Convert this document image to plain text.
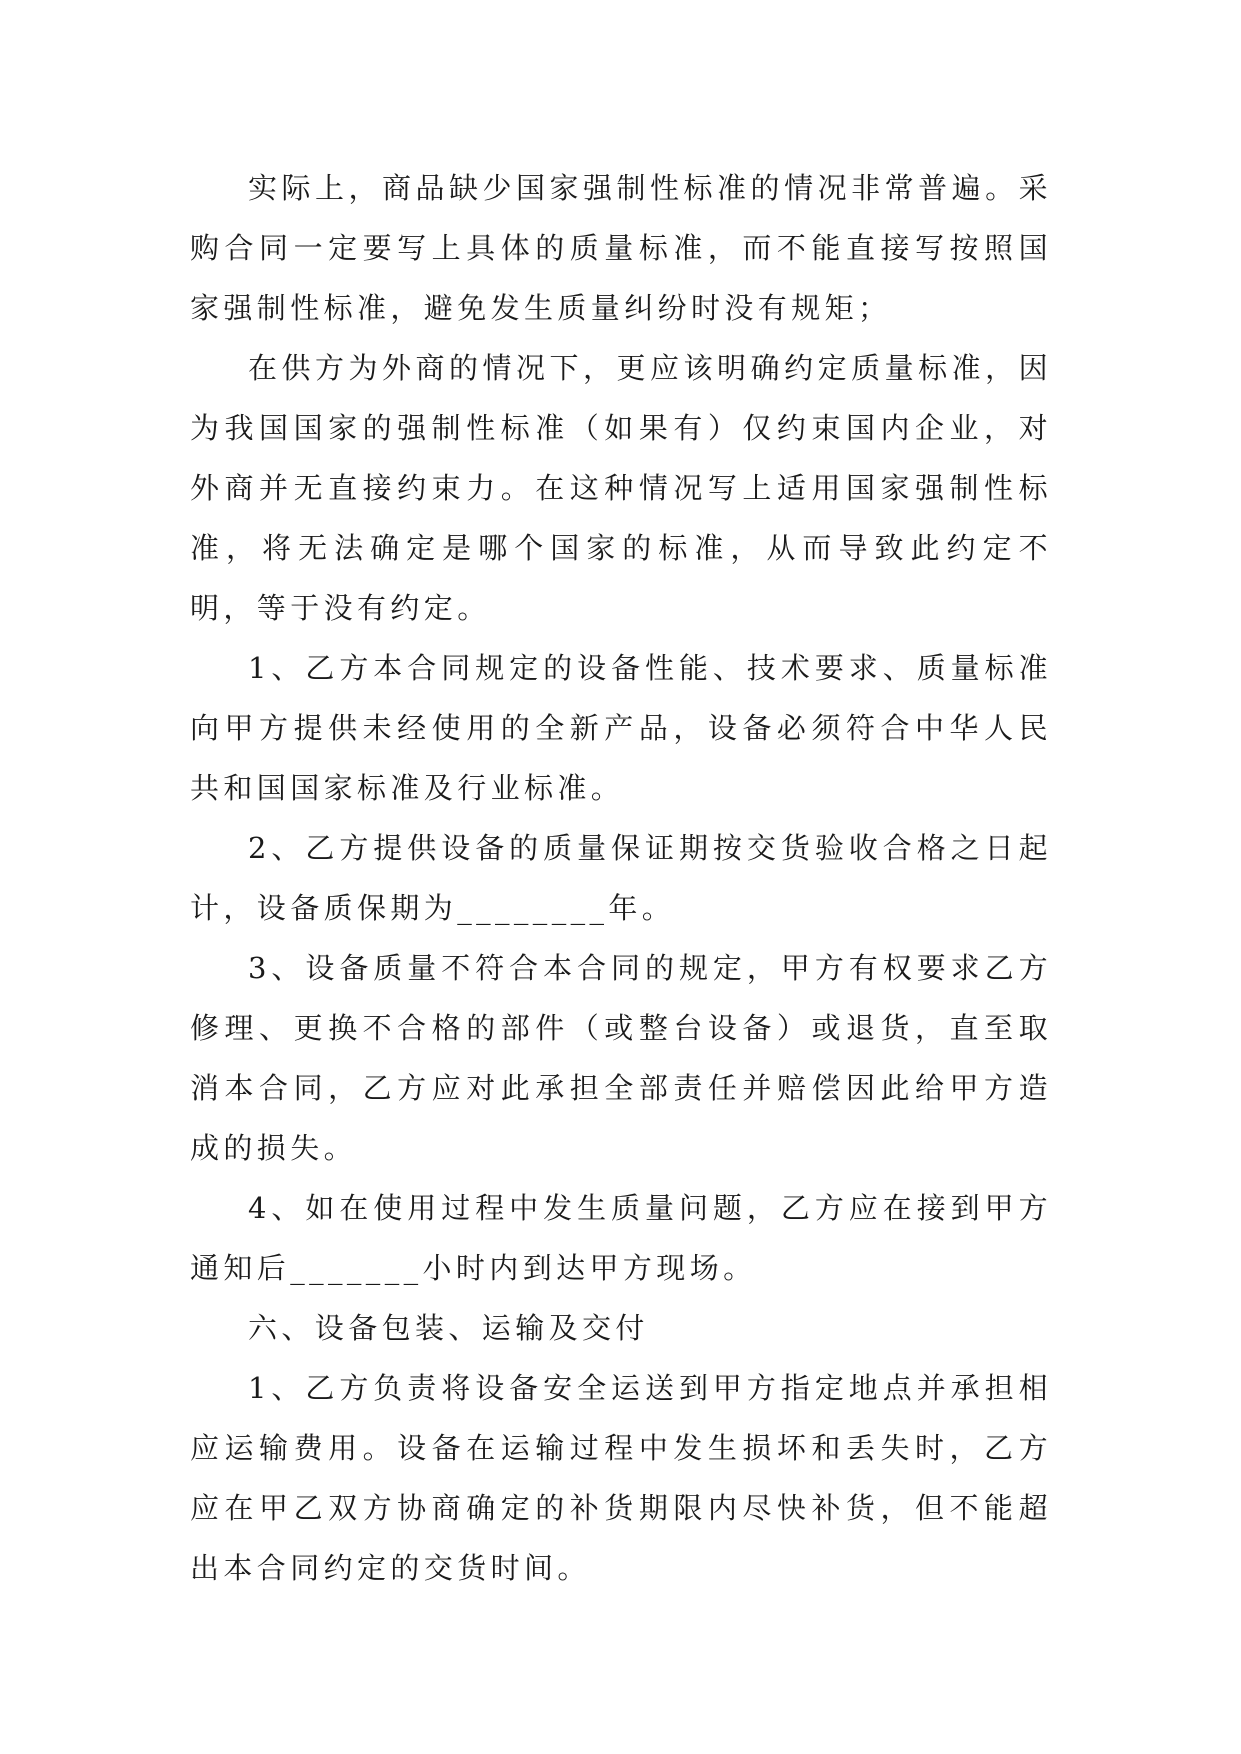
实际上，商品缺少国家强制性标准的情况非常普遍。采购合同一定要写上具体的质量标准，而不能直接写按照国家强制性标准，避免发生质量纠纷时没有规矩；

在供方为外商的情况下，更应该明确约定质量标准，因为我国国家的强制性标准（如果有）仅约束国内企业，对外商并无直接约束力。在这种情况写上适用国家强制性标准，将无法确定是哪个国家的标准，从而导致此约定不明，等于没有约定。

1、乙方本合同规定的设备性能、技术要求、质量标准向甲方提供未经使用的全新产品，设备必须符合中华人民共和国国家标准及行业标准。

2、乙方提供设备的质量保证期按交货验收合格之日起计，设备质保期为________年。

3、设备质量不符合本合同的规定，甲方有权要求乙方修理、更换不合格的部件（或整台设备）或退货，直至取消本合同，乙方应对此承担全部责任并赔偿因此给甲方造成的损失。

4、如在使用过程中发生质量问题，乙方应在接到甲方通知后_______小时内到达甲方现场。

六、设备包装、运输及交付

1、乙方负责将设备安全运送到甲方指定地点并承担相应运输费用。设备在运输过程中发生损坏和丢失时，乙方应在甲乙双方协商确定的补货期限内尽快补货，但不能超出本合同约定的交货时间。
